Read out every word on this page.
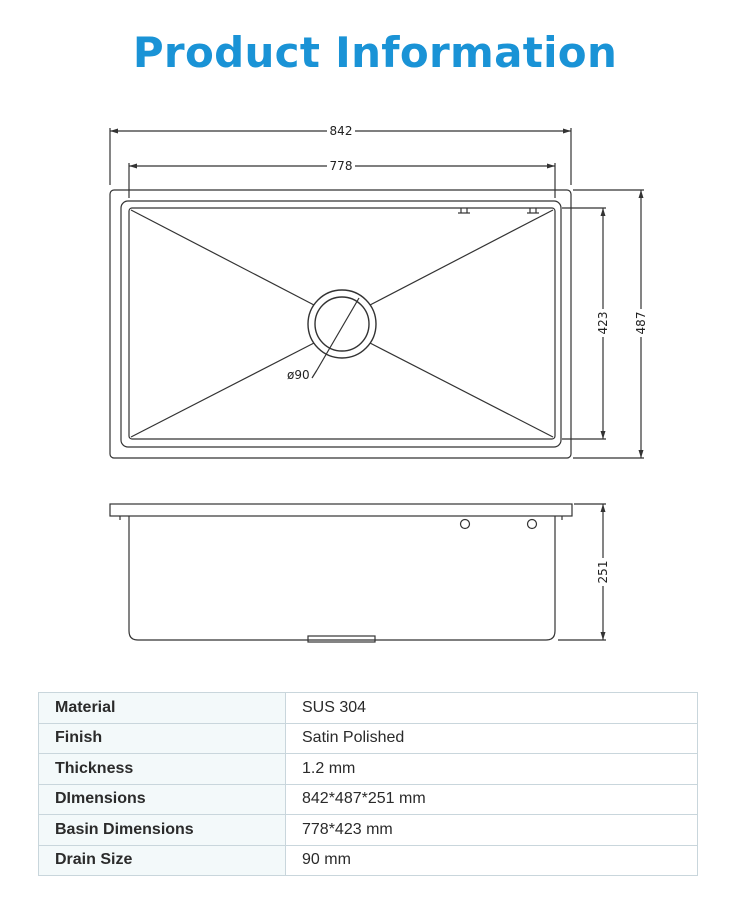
Product Information
842
778
423 487
ø90
251
Material	SUS 304
Finish	Satin Polished
Thickness	1.2 mm
DImensions	842*487*251 mm
Basin Dimensions	778*423 mm
Drain Size	90 mm
